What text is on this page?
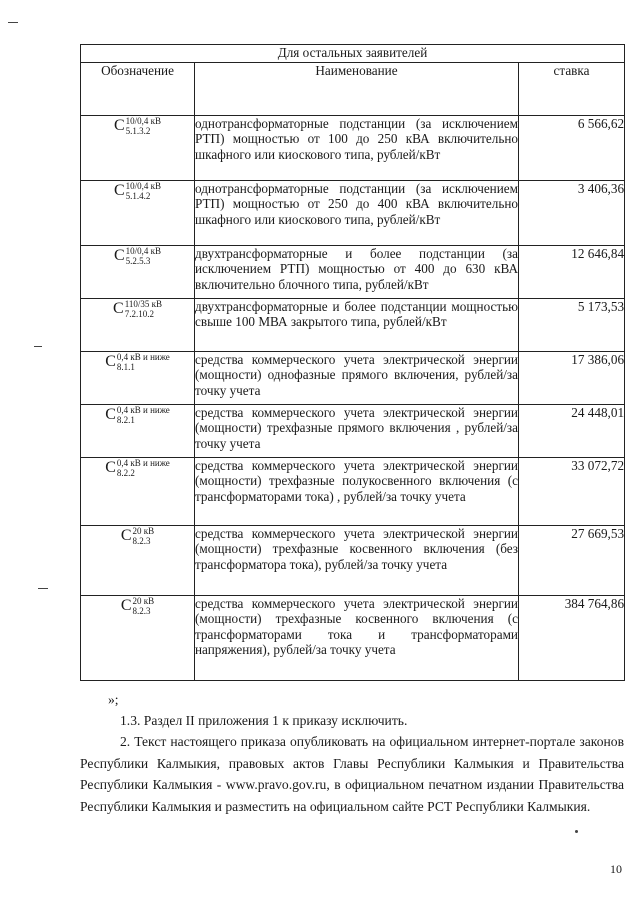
Для остальных заявителей		
Обозначение	Наименование	ставка

C 10/0,4 кВ
5.1.3.2	однотрансформаторные подстанции (за исключением РТП) мощностью от 100 до 250 кВА включительно шкафного или киоскового типа, рублей/кВт	6 566,62

C 10/0,4 кВ
5.1.4.2	однотрансформаторные подстанции (за исключением РТП) мощностью от 250 до 400 кВА включительно шкафного или киоскового типа, рублей/кВт	3 406,36

C 10/0,4 кВ
5.2.5.3	двухтрансформаторные и более подстанции (за исключением РТП) мощностью от 400 до 630 кВА включительно блочного типа, рублей/кВт	12 646,84

C 110/35 кВ
7.2.10.2	двухтрансформаторные и более подстанции мощностью свыше 100 МВА закрытого типа, рублей/кВт	5 173,53

C 0,4 кВ и ниже
8.1.1	средства коммерческого учета электрической энергии (мощности) однофазные прямого включения, рублей/за точку учета	17 386,06

C 0,4 кВ и ниже
8.2.1	средства коммерческого учета электрической энергии (мощности) трехфазные прямого включения , рублей/за точку учета	24 448,01

C 0,4 кВ и ниже
8.2.2	средства коммерческого учета электрической энергии (мощности) трехфазные полукосвенного включения (с трансформаторами тока) , рублей/за точку учета	33 072,72

C 20 кВ
8.2.3	средства коммерческого учета электрической энергии (мощности) трехфазные косвенного включения (без трансформатора тока), рублей/за точку учета	27 669,53

C 20 кВ
8.2.3	средства коммерческого учета электрической энергии (мощности) трехфазные косвенного включения (с трансформаторами тока и трансформаторами напряжения), рублей/за точку учета	384 764,86
»;
1.3. Раздел II приложения 1 к приказу исключить.
2. Текст настоящего приказа опубликовать на официальном интернет-портале законов Республики Калмыкия, правовых актов Главы Республики Калмыкия и Правительства Республики Калмыкия - www.pravo.gov.ru, в официальном печатном издании Правительства Республики Калмыкия и разместить на официальном сайте РСТ Республики Калмыкия.
10
